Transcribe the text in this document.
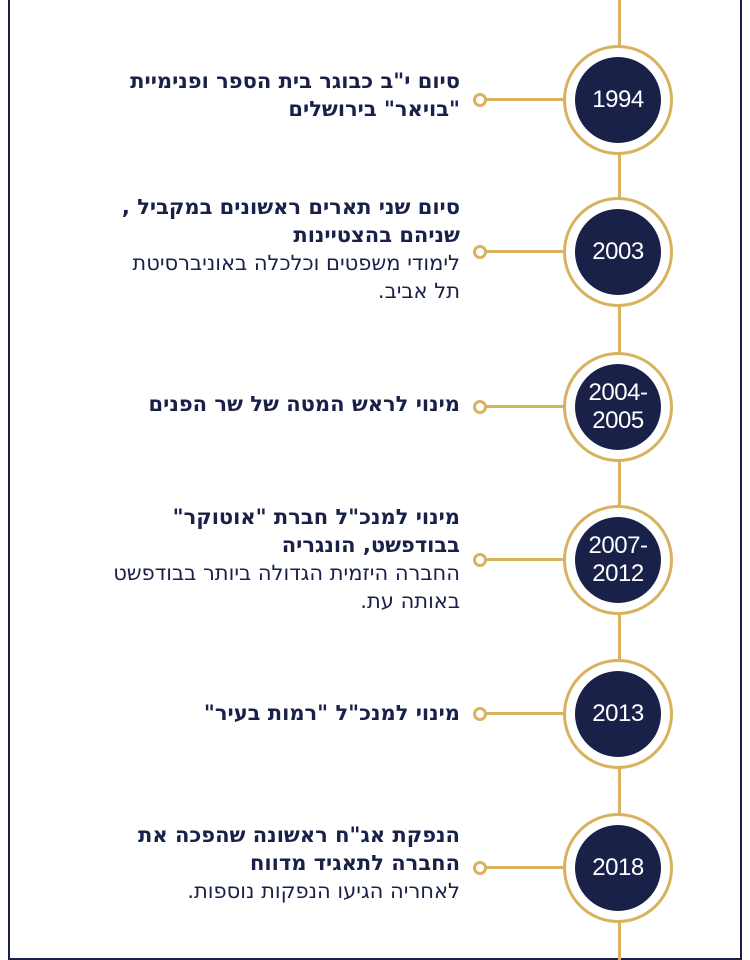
1994

סיום י"ב כבוגר בית הספר ופנימיית

"בויאר" בירושלים

2003

סיום שני תארים ראשונים במקביל ,

שניהם בהצטיינות

לימודי משפטים וכלכלה באוניברסיטת

תל אביב.

2004-
2005

מינוי לראש המטה של שר הפנים

2007-
2012

מינוי למנכ"ל חברת "אוטוקר"

בבודפשט, הונגריה

החברה היזמית הגדולה ביותר בבודפשט

באותה עת.

2013

מינוי למנכ"ל "רמות בעיר"

2018

הנפקת אג"ח ראשונה שהפכה את

החברה לתאגיד מדווח

לאחריה הגיעו הנפקות נוספות.
